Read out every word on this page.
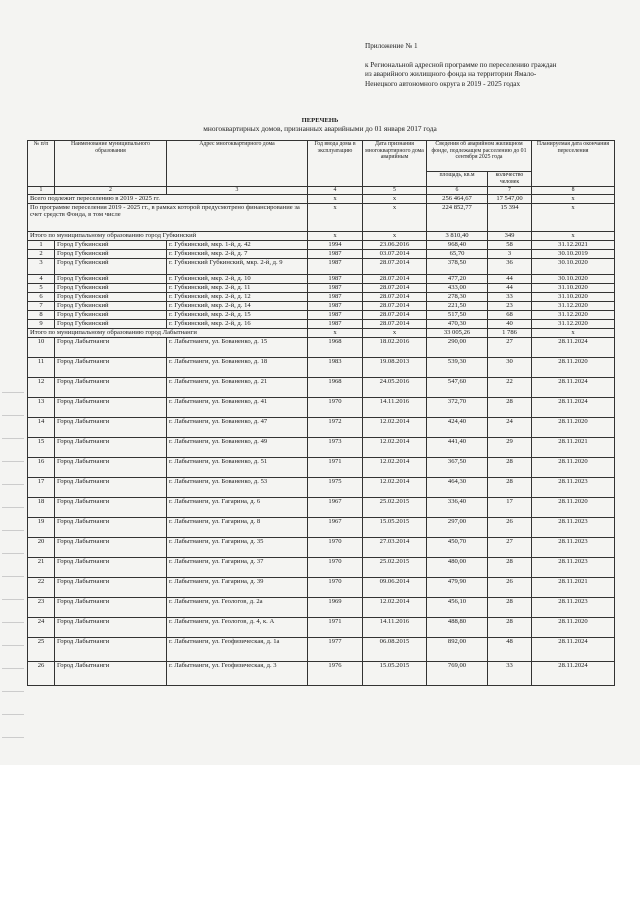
Приложение № 1
к Региональной адресной программе по переселению граждан
из аварийного жилищного фонда на территории Ямало-
Ненецкого автономного округа в 2019 - 2025 годах
ПЕРЕЧЕНЬ
многоквартирных домов, признанных аварийными до 01 января 2017 года
№ п/п	Наименование муниципального образования	Адрес многоквартирного дома	Год ввода дома в эксплуатацию	Дата признания многоквартирного дома аварийным	Сведения об аварийном жилищном фонде, подлежащем расселению до 01 сентября 2025 года		Планируемая дата окончания переселения
					площадь, кв.м	количество человек	
1	2	3	4	5	6	7	8
Всего подлежит переселению в 2019 - 2025 гг.			x	x	256 464,67	17 547,00	x
По программе переселения 2019 - 2025 гг., в рамках которой предусмотрено финансирование за счет средств Фонда, в том числе			x	x	224 852,77	15 394	x
Итого по муниципальному образованию город Губкинский			x	x	3 810,40	349	x
1	Город Губкинский	г. Губкинский, мкр. 1-й, д. 42	1994	23.06.2016	968,40	58	31.12.2021
2	Город Губкинский	г. Губкинский, мкр. 2-й, д. 7	1987	03.07.2014	65,70	3	30.10.2019
3	Город Губкинский	г. Губкинский Губкинский, мкр. 2-й, д. 9	1987	28.07.2014	378,50	36	30.10.2020
4	Город Губкинский	г. Губкинский, мкр. 2-й, д. 10	1987	28.07.2014	477,20	44	30.10.2020
5	Город Губкинский	г. Губкинский, мкр. 2-й, д. 11	1987	28.07.2014	433,00	44	31.10.2020
6	Город Губкинский	г. Губкинский, мкр. 2-й, д. 12	1987	28.07.2014	278,30	33	31.10.2020
7	Город Губкинский	г. Губкинский, мкр. 2-й, д. 14	1987	28.07.2014	221,50	23	31.12.2020
8	Город Губкинский	г. Губкинский, мкр. 2-й, д. 15	1987	28.07.2014	517,50	68	31.12.2020
9	Город Губкинский	г. Губкинский, мкр. 2-й, д. 16	1987	28.07.2014	470,30	40	31.12.2020
Итого по муниципальному образованию город Лабытнанги			x	x	33 005,26	1 786	x
10	Город Лабытнанги	г. Лабытнанги, ул. Бованенко, д. 15	1968	18.02.2016	290,00	27	28.11.2024
11	Город Лабытнанги	г. Лабытнанги, ул. Бованенко, д. 18	1983	19.08.2013	539,30	30	28.11.2020
12	Город Лабытнанги	г. Лабытнанги, ул. Бованенко, д. 21	1968	24.05.2016	547,60	22	28.11.2024
13	Город Лабытнанги	г. Лабытнанги, ул. Бованенко, д. 41	1970	14.11.2016	372,70	28	28.11.2024
14	Город Лабытнанги	г. Лабытнанги, ул. Бованенко, д. 47	1972	12.02.2014	424,40	24	28.11.2020
15	Город Лабытнанги	г. Лабытнанги, ул. Бованенко, д. 49	1973	12.02.2014	441,40	29	28.11.2021
16	Город Лабытнанги	г. Лабытнанги, ул. Бованенко, д. 51	1971	12.02.2014	367,50	28	28.11.2020
17	Город Лабытнанги	г. Лабытнанги, ул. Бованенко, д. 53	1975	12.02.2014	464,30	28	28.11.2023
18	Город Лабытнанги	г. Лабытнанги, ул. Гагарина, д. 6	1967	25.02.2015	336,40	17	28.11.2020
19	Город Лабытнанги	г. Лабытнанги, ул. Гагарина, д. 8	1967	15.05.2015	297,00	26	28.11.2023
20	Город Лабытнанги	г. Лабытнанги, ул. Гагарина, д. 35	1970	27.03.2014	450,70	27	28.11.2023
21	Город Лабытнанги	г. Лабытнанги, ул. Гагарина, д. 37	1970	25.02.2015	480,00	28	28.11.2023
22	Город Лабытнанги	г. Лабытнанги, ул. Гагарина, д. 39	1970	09.06.2014	479,90	26	28.11.2021
23	Город Лабытнанги	г. Лабытнанги, ул. Геологов, д. 2а	1969	12.02.2014	456,10	28	28.11.2023
24	Город Лабытнанги	г. Лабытнанги, ул. Геологов, д. 4, к. А	1971	14.11.2016	488,80	28	28.11.2020
25	Город Лабытнанги	г. Лабытнанги, ул. Геофизическая, д. 1а	1977	06.08.2015	892,00	48	28.11.2024
26	Город Лабытнанги	г. Лабытнанги, ул. Геофизическая, д. 3	1976	15.05.2015	769,00	33	28.11.2024
